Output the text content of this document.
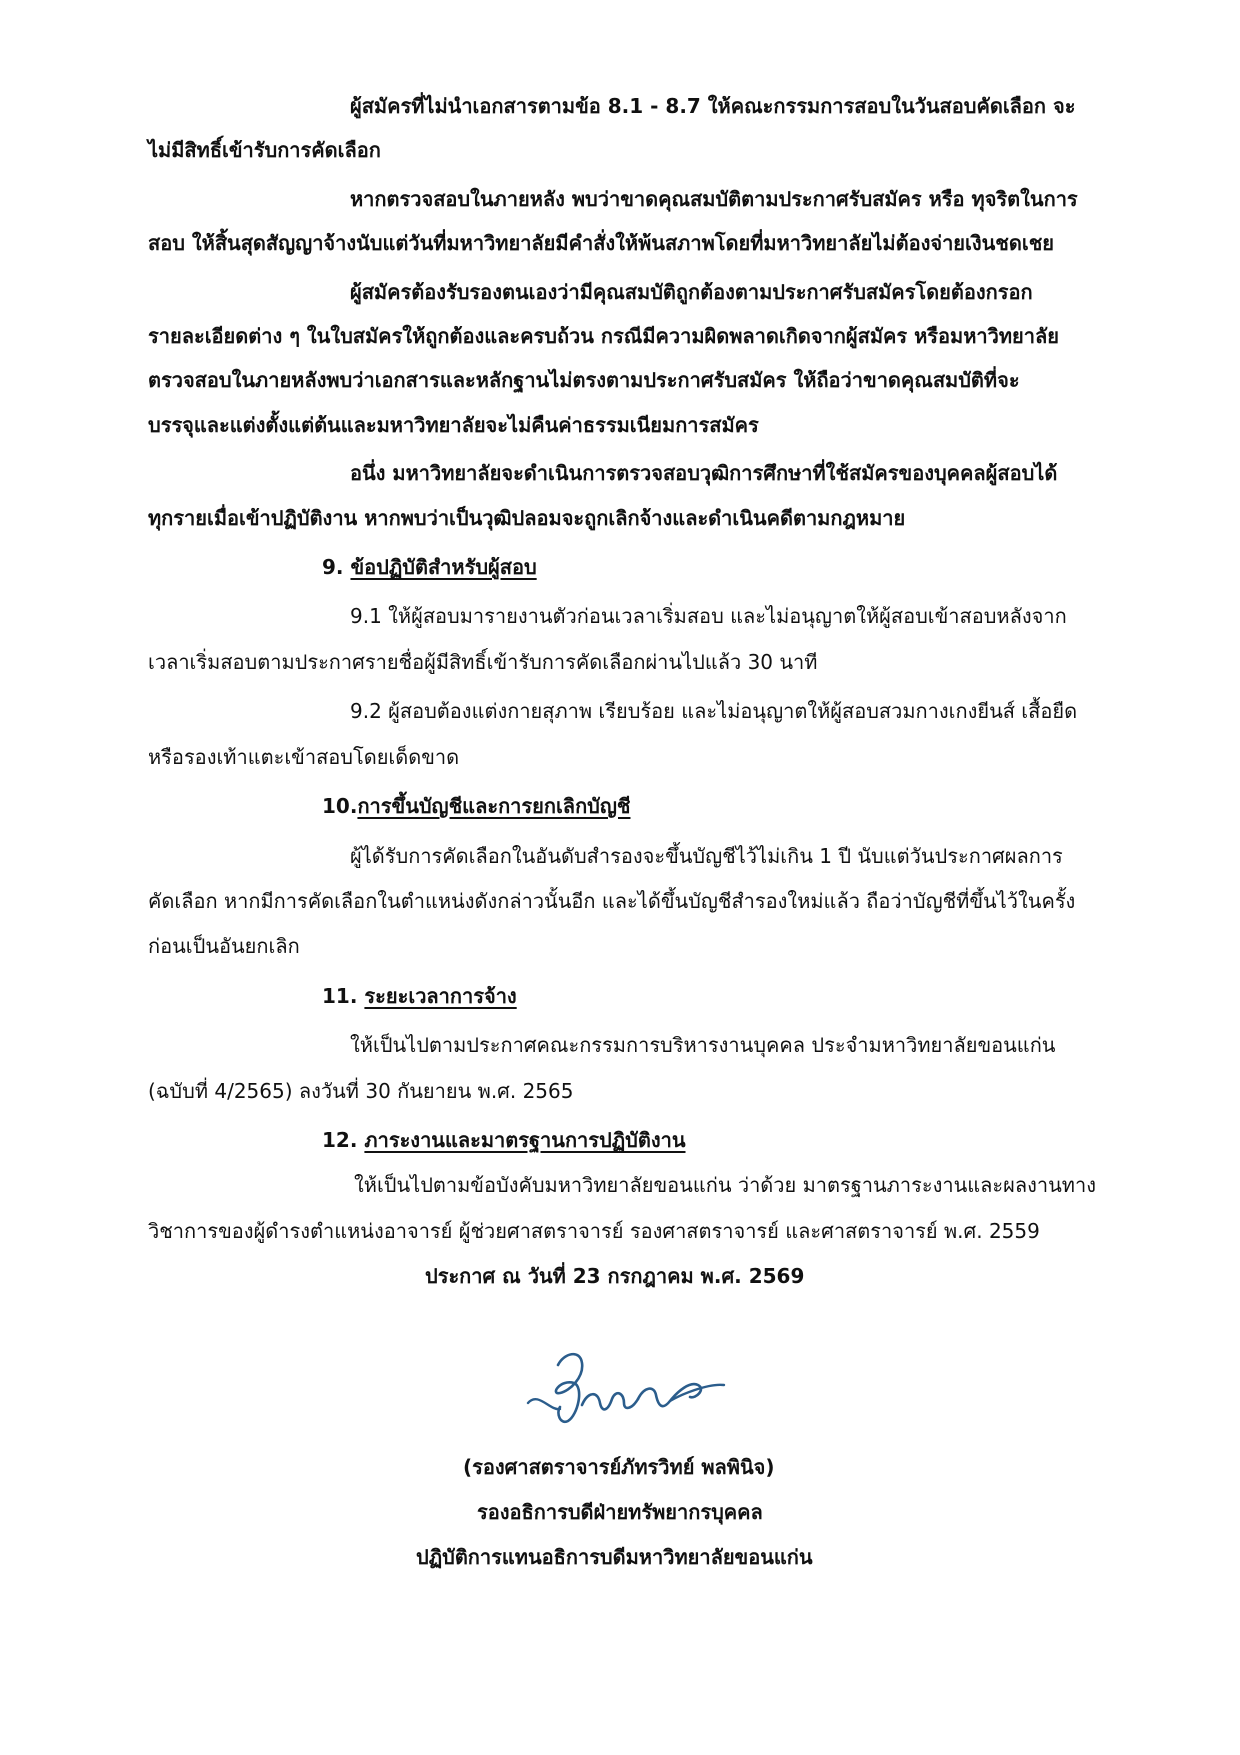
ผู้สมัครที่ไม่นำเอกสารตามข้อ 8.1 - 8.7 ให้คณะกรรมการสอบในวันสอบคัดเลือก จะ
ไม่มีสิทธิ์เข้ารับการคัดเลือก
หากตรวจสอบในภายหลัง พบว่าขาดคุณสมบัติตามประกาศรับสมัคร หรือ ทุจริตในการ
สอบ ให้สิ้นสุดสัญญาจ้างนับแต่วันที่มหาวิทยาลัยมีคำสั่งให้พ้นสภาพโดยที่มหาวิทยาลัยไม่ต้องจ่ายเงินชดเชย
ผู้สมัครต้องรับรองตนเองว่ามีคุณสมบัติถูกต้องตามประกาศรับสมัครโดยต้องกรอก
รายละเอียดต่าง ๆ ในใบสมัครให้ถูกต้องและครบถ้วน กรณีมีความผิดพลาดเกิดจากผู้สมัคร หรือมหาวิทยาลัย
ตรวจสอบในภายหลังพบว่าเอกสารและหลักฐานไม่ตรงตามประกาศรับสมัคร ให้ถือว่าขาดคุณสมบัติที่จะ
บรรจุและแต่งตั้งแต่ต้นและมหาวิทยาลัยจะไม่คืนค่าธรรมเนียมการสมัคร
อนึ่ง มหาวิทยาลัยจะดำเนินการตรวจสอบวุฒิการศึกษาที่ใช้สมัครของบุคคลผู้สอบได้
ทุกรายเมื่อเข้าปฏิบัติงาน หากพบว่าเป็นวุฒิปลอมจะถูกเลิกจ้างและดำเนินคดีตามกฎหมาย
9. ข้อปฏิบัติสำหรับผู้สอบ
9.1 ให้ผู้สอบมารายงานตัวก่อนเวลาเริ่มสอบ และไม่อนุญาตให้ผู้สอบเข้าสอบหลังจาก
เวลาเริ่มสอบตามประกาศรายชื่อผู้มีสิทธิ์เข้ารับการคัดเลือกผ่านไปแล้ว 30 นาที
9.2 ผู้สอบต้องแต่งกายสุภาพ เรียบร้อย และไม่อนุญาตให้ผู้สอบสวมกางเกงยีนส์ เสื้อยืด
หรือรองเท้าแตะเข้าสอบโดยเด็ดขาด
10.การขึ้นบัญชีและการยกเลิกบัญชี
ผู้ได้รับการคัดเลือกในอันดับสำรองจะขึ้นบัญชีไว้ไม่เกิน 1 ปี นับแต่วันประกาศผลการ
คัดเลือก หากมีการคัดเลือกในตำแหน่งดังกล่าวนั้นอีก และได้ขึ้นบัญชีสำรองใหม่แล้ว ถือว่าบัญชีที่ขึ้นไว้ในครั้ง
ก่อนเป็นอันยกเลิก
11. ระยะเวลาการจ้าง
ให้เป็นไปตามประกาศคณะกรรมการบริหารงานบุคคล ประจำมหาวิทยาลัยขอนแก่น
(ฉบับที่ 4/2565) ลงวันที่ 30 กันยายน พ.ศ. 2565
12. ภาระงานและมาตรฐานการปฏิบัติงาน
ให้เป็นไปตามข้อบังคับมหาวิทยาลัยขอนแก่น ว่าด้วย มาตรฐานภาระงานและผลงานทาง
วิชาการของผู้ดำรงตำแหน่งอาจารย์ ผู้ช่วยศาสตราจารย์ รองศาสตราจารย์ และศาสตราจารย์ พ.ศ. 2559
ประกาศ ณ วันที่ 23 กรกฎาคม พ.ศ. 2569
(รองศาสตราจารย์ภัทรวิทย์ พลพินิจ)
รองอธิการบดีฝ่ายทรัพยากรบุคคล
ปฏิบัติการแทนอธิการบดีมหาวิทยาลัยขอนแก่น
